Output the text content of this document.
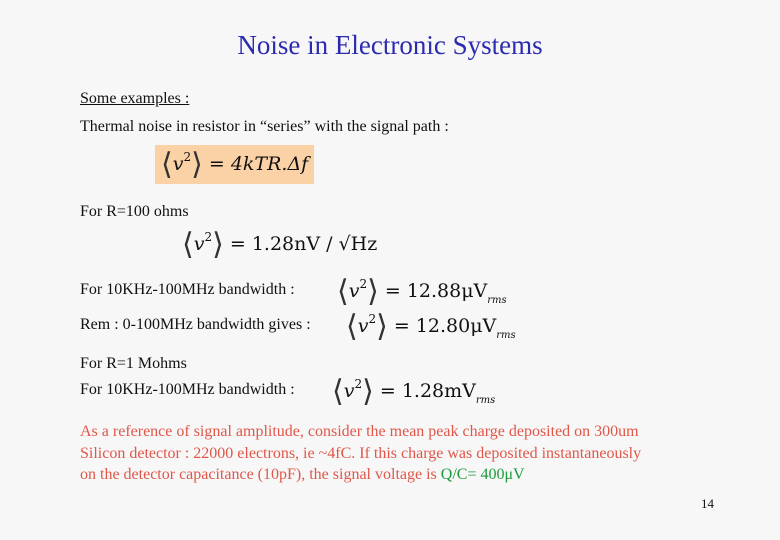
Noise in Electronic Systems
Some examples :
Thermal noise in resistor in “series” with the signal path :
$⟨v^2⟩ = 4kTR.\Delta f$
For R=100 ohms
$⟨v^2⟩ = 1.28nV / √Hz$
For 10KHz-100MHz bandwidth : $⟨v^2⟩ = 12.88\mu V_{rms}$
Rem : 0-100MHz bandwidth gives : $⟨v^2⟩ = 12.80\mu V_{rms}$
For R=1 Mohms
For 10KHz-100MHz bandwidth : $⟨v^2⟩ = 1.28mV_{rms}$
As a reference of signal amplitude, consider the mean peak charge deposited on 300um
Silicon detector : 22000 electrons, ie ~4fC. If this charge was deposited instantaneously
on the detector capacitance (10pF), the signal voltage is Q/C= 400μV
14
